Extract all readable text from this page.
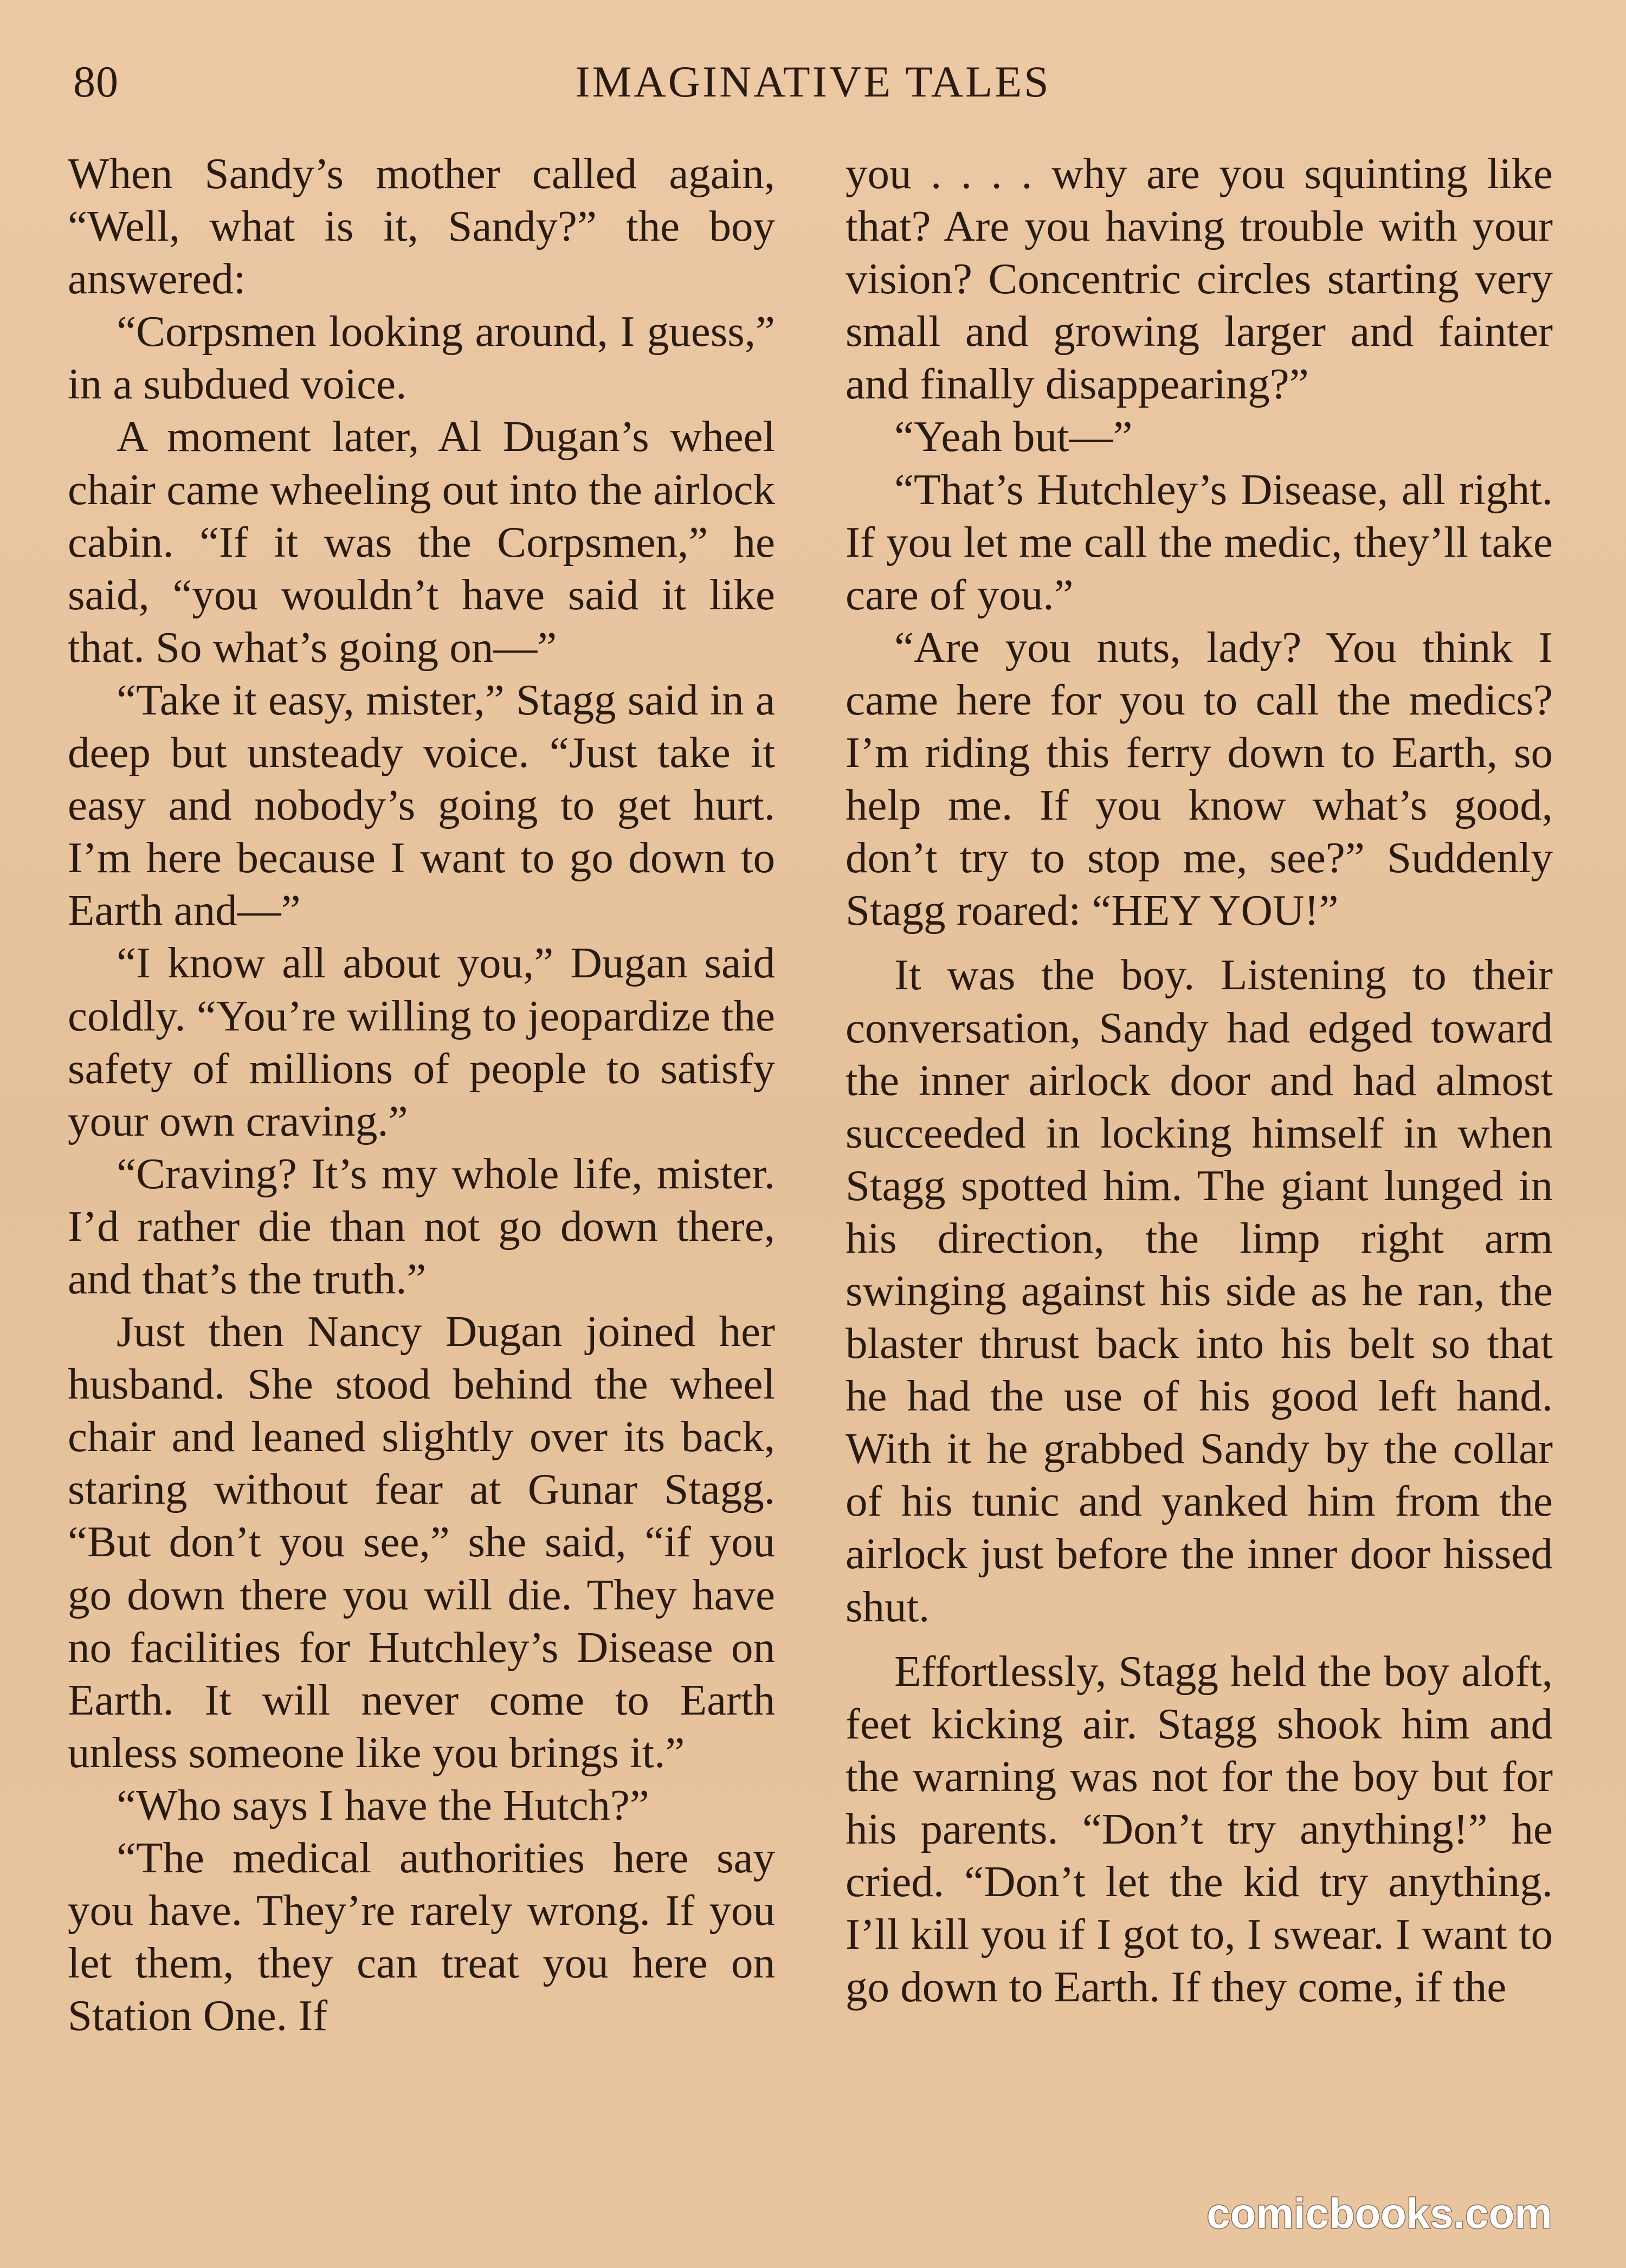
80	IMAGINATIVE TALES

When Sandy’s mother called again, “Well, what is it, Sandy?” the boy answered:

“Corpsmen looking around, I guess,” in a subdued voice.

A moment later, Al Dugan’s wheel chair came wheeling out into the airlock cabin. “If it was the Corpsmen,” he said, “you wouldn’t have said it like that. So what’s going on—”

“Take it easy, mister,” Stagg said in a deep but unsteady voice. “Just take it easy and nobody’s going to get hurt. I’m here because I want to go down to Earth and—”

“I know all about you,” Dugan said coldly. “You’re willing to jeopardize the safety of millions of people to satisfy your own craving.”

“Craving? It’s my whole life, mister. I’d rather die than not go down there, and that’s the truth.”

Just then Nancy Dugan joined her husband. She stood behind the wheel chair and leaned slightly over its back, staring without fear at Gunar Stagg. “But don’t you see,” she said, “if you go down there you will die. They have no facilities for Hutchley’s Disease on Earth. It will never come to Earth unless someone like you brings it.”

“Who says I have the Hutch?”

“The medical authorities here say you have. They’re rarely wrong. If you let them, they can treat you here on Station One. If

you . . . . why are you squinting like that? Are you having trouble with your vision? Concentric circles starting very small and growing larger and fainter and finally disappearing?”

“Yeah but—”

“That’s Hutchley’s Disease, all right. If you let me call the medic, they’ll take care of you.”

“Are you nuts, lady? You think I came here for you to call the medics? I’m riding this ferry down to Earth, so help me. If you know what’s good, don’t try to stop me, see?” Suddenly Stagg roared: “HEY YOU!”

It was the boy. Listening to their conversation, Sandy had edged toward the inner airlock door and had almost succeeded in locking himself in when Stagg spotted him. The giant lunged in his direction, the limp right arm swinging against his side as he ran, the blaster thrust back into his belt so that he had the use of his good left hand. With it he grabbed Sandy by the collar of his tunic and yanked him from the airlock just before the inner door hissed shut.

Effortlessly, Stagg held the boy aloft, feet kicking air. Stagg shook him and the warning was not for the boy but for his parents. “Don’t try anything!” he cried. “Don’t let the kid try anything. I’ll kill you if I got to, I swear. I want to go down to Earth. If they come, if the

comicbooks.com
